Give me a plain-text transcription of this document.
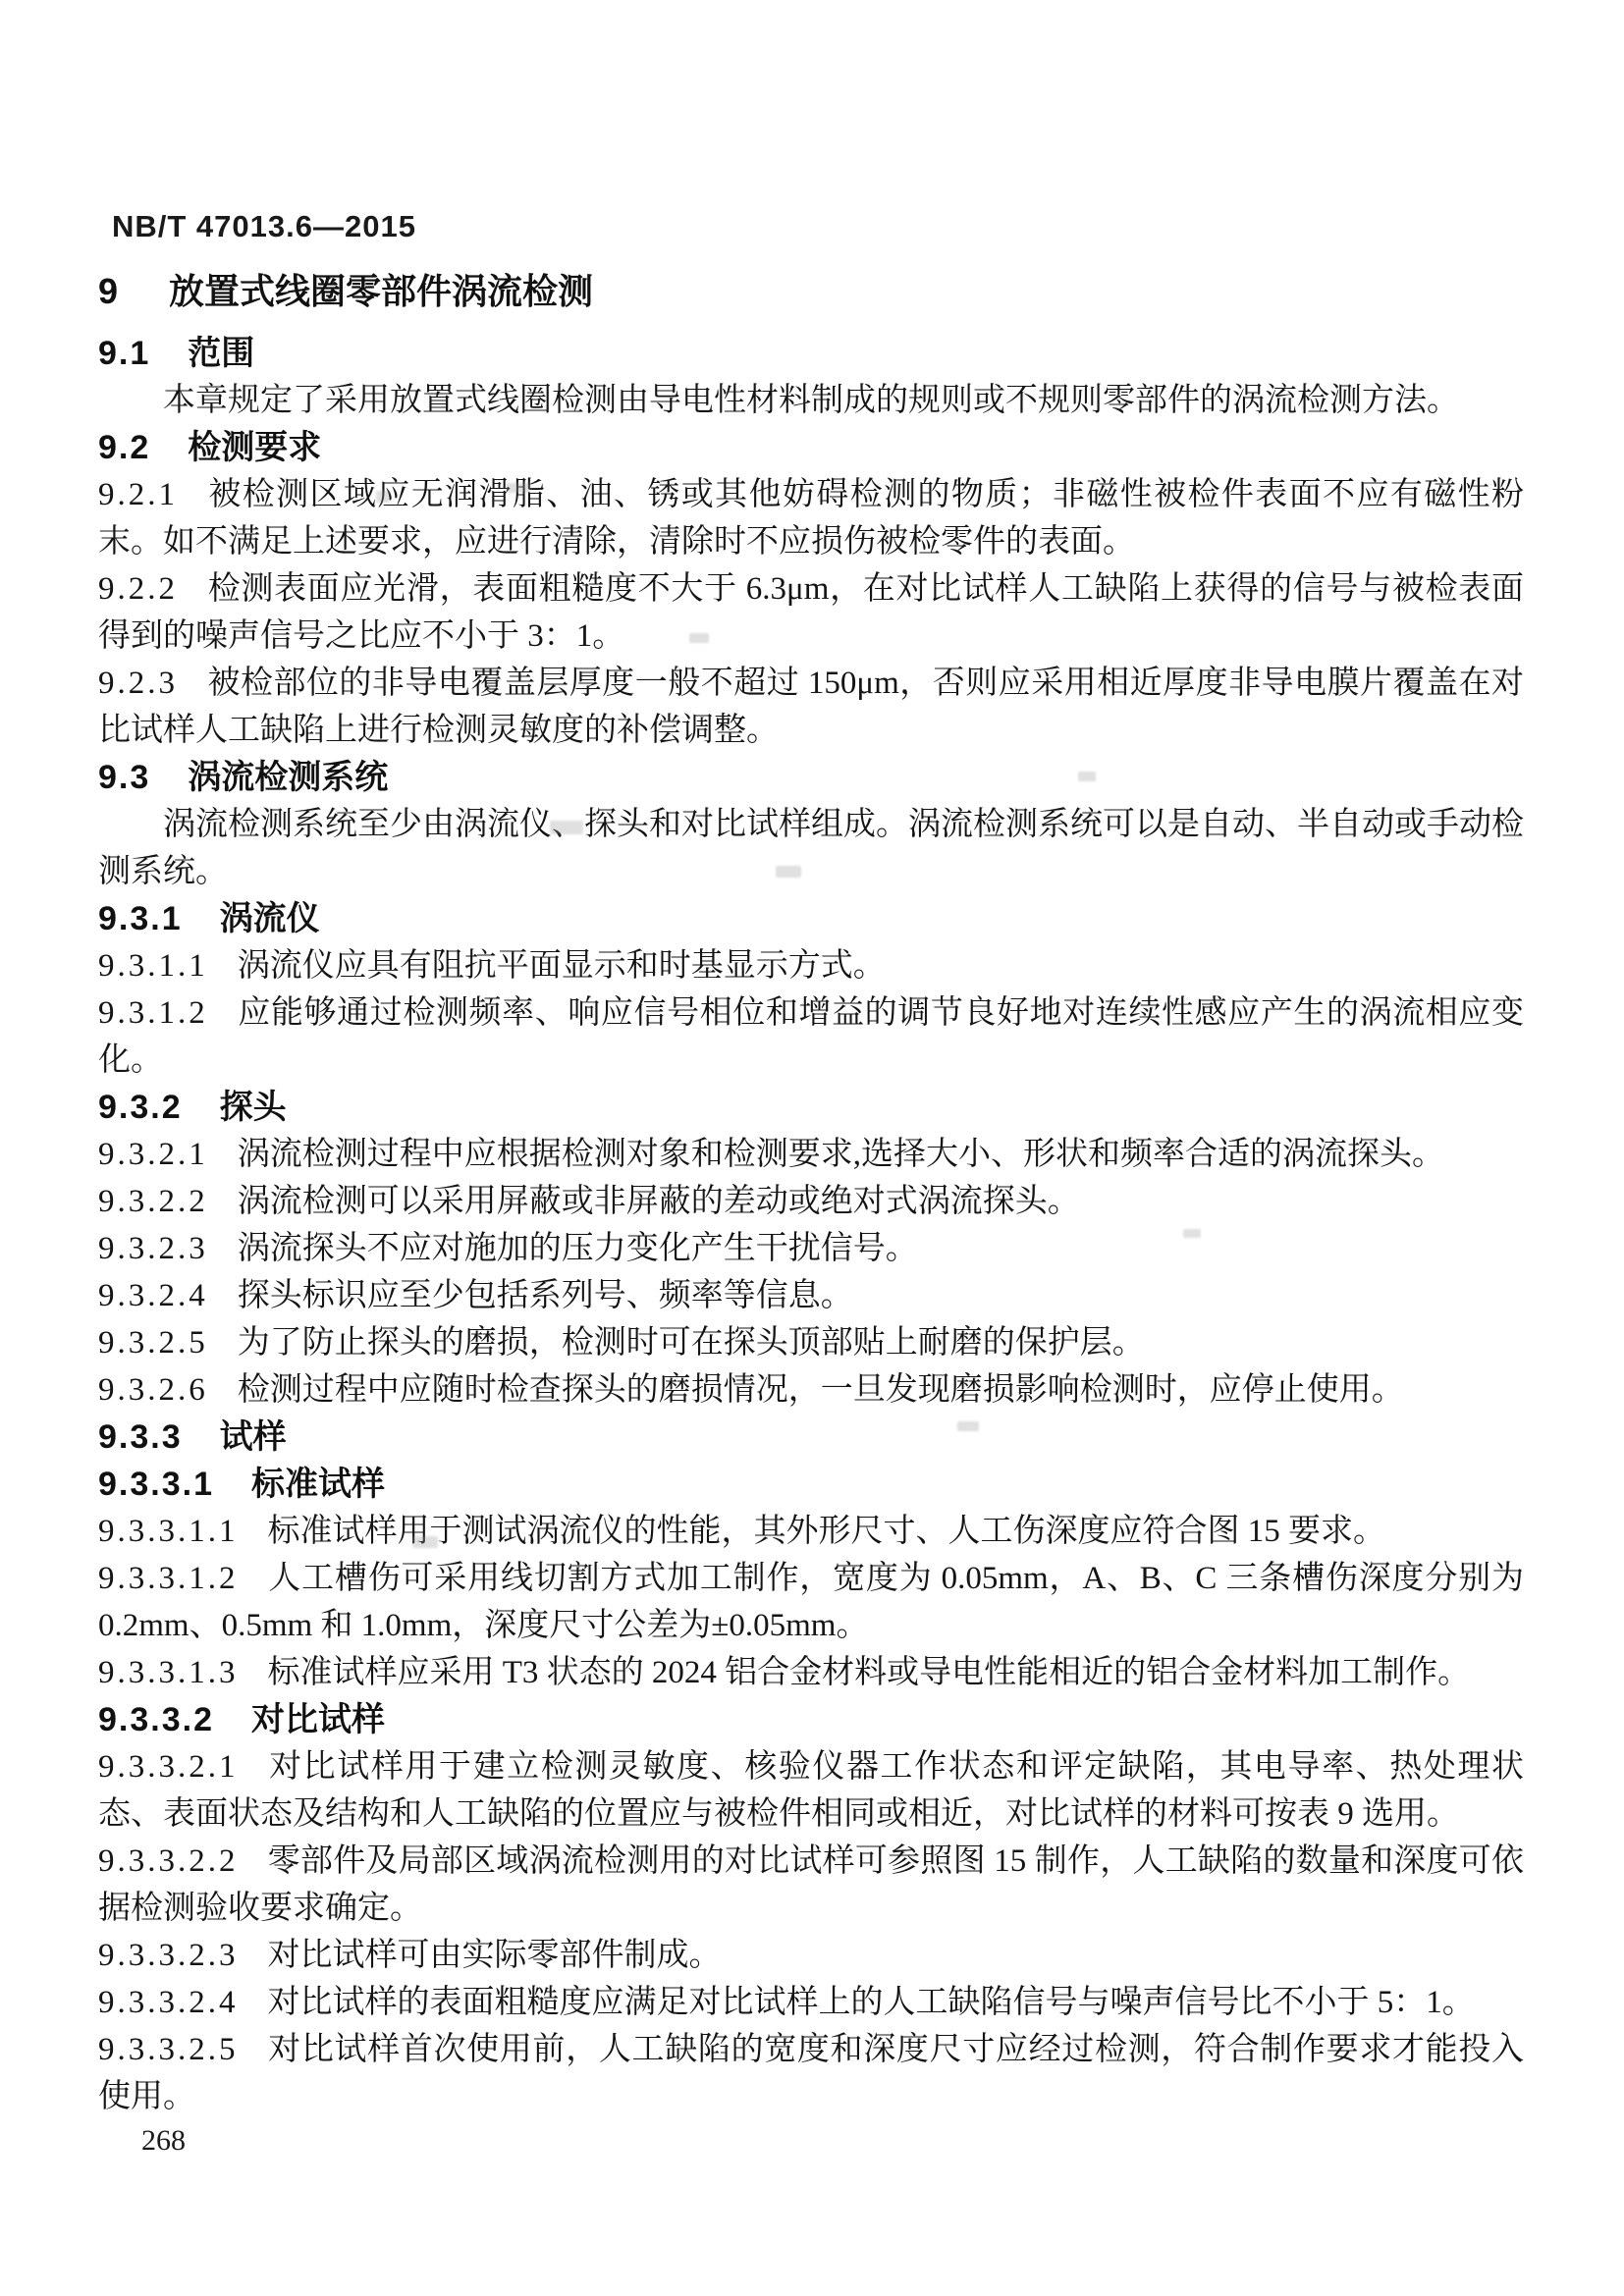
NB/T 47013.6—2015
9 放置式线圈零部件涡流检测

9.1 范围

本章规定了采用放置式线圈检测由导电性材料制成的规则或不规则零部件的涡流检测方法。

9.2 检测要求

9.2.1 被检测区域应无润滑脂、油、锈或其他妨碍检测的物质；非磁性被检件表面不应有磁性粉末。如不满足上述要求，应进行清除，清除时不应损伤被检零件的表面。

9.2.2 检测表面应光滑，表面粗糙度不大于 6.3μm，在对比试样人工缺陷上获得的信号与被检表面得到的噪声信号之比应不小于 3：1。

9.2.3 被检部位的非导电覆盖层厚度一般不超过 150μm，否则应采用相近厚度非导电膜片覆盖在对比试样人工缺陷上进行检测灵敏度的补偿调整。

9.3 涡流检测系统

涡流检测系统至少由涡流仪、探头和对比试样组成。涡流检测系统可以是自动、半自动或手动检测系统。

9.3.1 涡流仪

9.3.1.1 涡流仪应具有阻抗平面显示和时基显示方式。

9.3.1.2 应能够通过检测频率、响应信号相位和增益的调节良好地对连续性感应产生的涡流相应变化。

9.3.2 探头

9.3.2.1 涡流检测过程中应根据检测对象和检测要求,选择大小、形状和频率合适的涡流探头。

9.3.2.2 涡流检测可以采用屏蔽或非屏蔽的差动或绝对式涡流探头。

9.3.2.3 涡流探头不应对施加的压力变化产生干扰信号。

9.3.2.4 探头标识应至少包括系列号、频率等信息。

9.3.2.5 为了防止探头的磨损，检测时可在探头顶部贴上耐磨的保护层。

9.3.2.6 检测过程中应随时检查探头的磨损情况，一旦发现磨损影响检测时，应停止使用。

9.3.3 试样

9.3.3.1 标准试样

9.3.3.1.1 标准试样用于测试涡流仪的性能，其外形尺寸、人工伤深度应符合图 15 要求。

9.3.3.1.2 人工槽伤可采用线切割方式加工制作，宽度为 0.05mm，A、B、C 三条槽伤深度分别为 0.2mm、0.5mm 和 1.0mm，深度尺寸公差为±0.05mm。

9.3.3.1.3 标准试样应采用 T3 状态的 2024 铝合金材料或导电性能相近的铝合金材料加工制作。

9.3.3.2 对比试样

9.3.3.2.1 对比试样用于建立检测灵敏度、核验仪器工作状态和评定缺陷，其电导率、热处理状态、表面状态及结构和人工缺陷的位置应与被检件相同或相近，对比试样的材料可按表 9 选用。

9.3.3.2.2 零部件及局部区域涡流检测用的对比试样可参照图 15 制作，人工缺陷的数量和深度可依据检测验收要求确定。

9.3.3.2.3 对比试样可由实际零部件制成。

9.3.3.2.4 对比试样的表面粗糙度应满足对比试样上的人工缺陷信号与噪声信号比不小于 5：1。

9.3.3.2.5 对比试样首次使用前，人工缺陷的宽度和深度尺寸应经过检测，符合制作要求才能投入使用。

268
